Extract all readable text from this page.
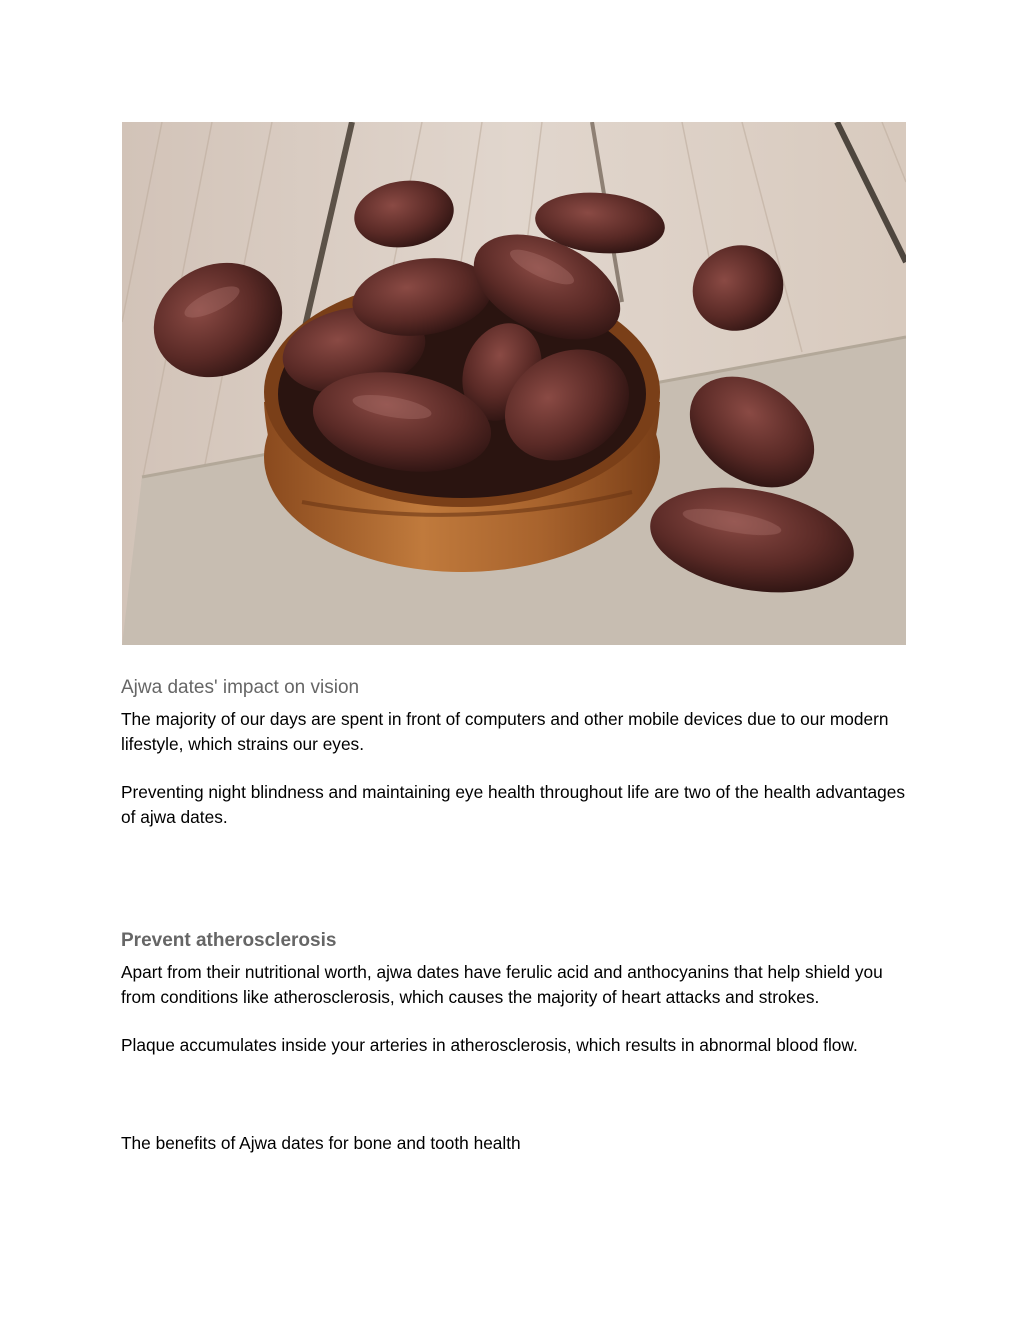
Ajwa dates' impact on vision

The majority of our days are spent in front of computers and other mobile devices due to our modern lifestyle, which strains our eyes.

Preventing night blindness and maintaining eye health throughout life are two of the health advantages of ajwa dates.

Prevent atherosclerosis

Apart from their nutritional worth, ajwa dates have ferulic acid and anthocyanins that help shield you from conditions like atherosclerosis, which causes the majority of heart attacks and strokes.

Plaque accumulates inside your arteries in atherosclerosis, which results in abnormal blood flow.

The benefits of Ajwa dates for bone and tooth health
